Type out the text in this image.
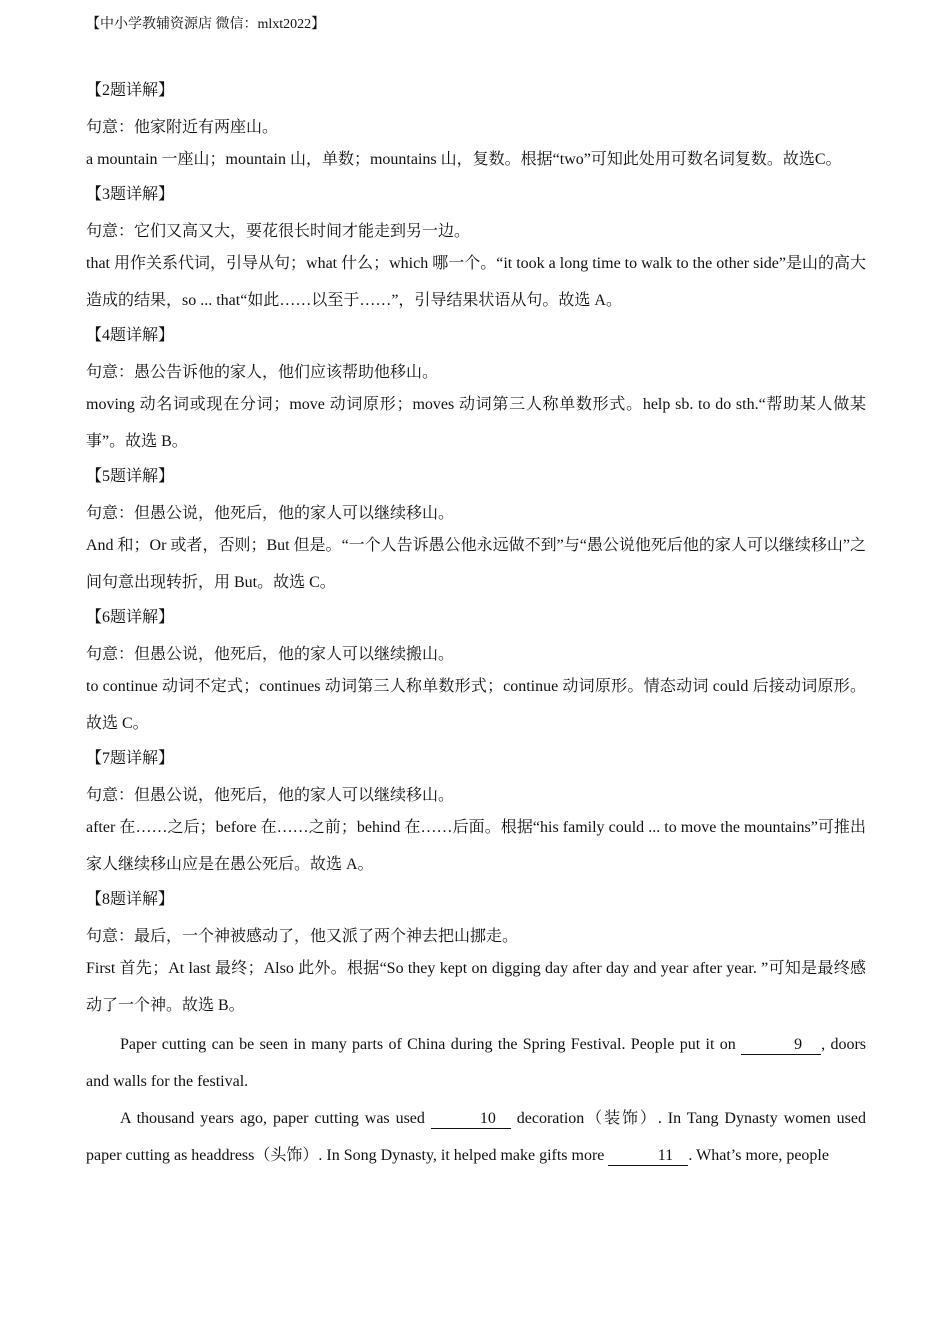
【中小学教辅资源店 微信：mlxt2022】
【2题详解】
句意：他家附近有两座山。
a mountain 一座山；mountain 山，单数；mountains 山，复数。根据“two”可知此处用可数名词复数。故选C。
【3题详解】
句意：它们又高又大，要花很长时间才能走到另一边。
that 用作关系代词，引导从句；what 什么；which 哪一个。“it took a long time to walk to the other side”是山的高大造成的结果，so ... that“如此……以至于……”，引导结果状语从句。故选 A。
【4题详解】
句意：愚公告诉他的家人，他们应该帮助他移山。
moving 动名词或现在分词；move 动词原形；moves 动词第三人称单数形式。help sb. to do sth.“帮助某人做某事”。故选 B。
【5题详解】
句意：但愚公说，他死后，他的家人可以继续移山。
And 和；Or 或者，否则；But 但是。“一个人告诉愚公他永远做不到”与“愚公说他死后他的家人可以继续移山”之间句意出现转折，用 But。故选 C。
【6题详解】
句意：但愚公说，他死后，他的家人可以继续搬山。
to continue 动词不定式；continues 动词第三人称单数形式；continue 动词原形。情态动词 could 后接动词原形。故选 C。
【7题详解】
句意：但愚公说，他死后，他的家人可以继续移山。
after 在……之后；before 在……之前；behind 在……后面。根据“his family could ... to move the mountains”可推出家人继续移山应是在愚公死后。故选 A。
【8题详解】
句意：最后，一个神被感动了，他又派了两个神去把山挪走。
First 首先；At last 最终；Also 此外。根据“So they kept on digging day after day and year after year. ”可知是最终感动了一个神。故选 B。

Paper cutting can be seen in many parts of China during the Spring Festival. People put it on	9 , doors and walls for the festival.

A thousand years ago, paper cutting was used	10 decoration（装饰）. In Tang Dynasty women used paper cutting as headdress（头饰）. In Song Dynasty, it helped make gifts more	11 . What’s more, people
